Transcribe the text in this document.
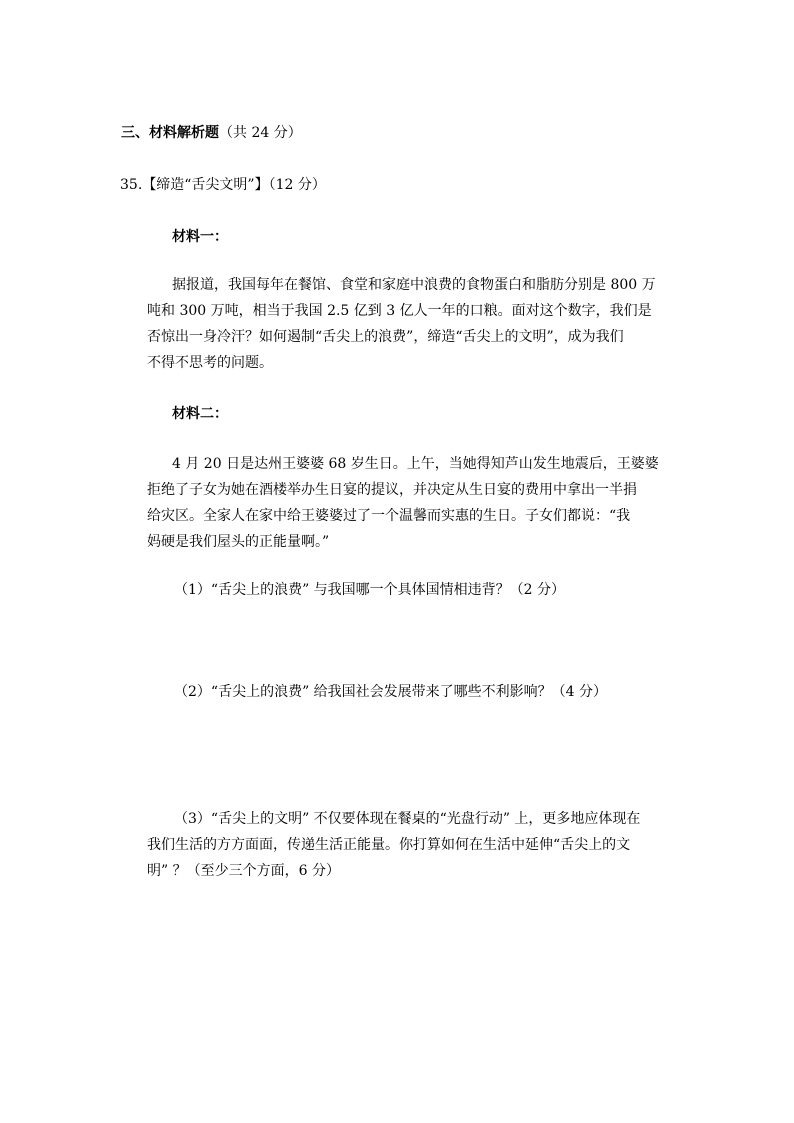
三、材料解析题（共 24 分）
35.【缔造“舌尖文明”】（12 分）
材料一：
据报道，我国每年在餐馆、食堂和家庭中浪费的食物蛋白和脂肪分别是 800 万
吨和 300 万吨，相当于我国 2.5 亿到 3 亿人一年的口粮。面对这个数字，我们是
否惊出一身冷汗？如何遏制“舌尖上的浪费”，缔造“舌尖上的文明”，成为我们
不得不思考的问题。
材料二：
4 月 20 日是达州王婆婆 68 岁生日。上午，当她得知芦山发生地震后，王婆婆
拒绝了子女为她在酒楼举办生日宴的提议，并决定从生日宴的费用中拿出一半捐
给灾区。全家人在家中给王婆婆过了一个温馨而实惠的生日。子女们都说：“我
妈硬是我们屋头的正能量啊。”
（1）“舌尖上的浪费” 与我国哪一个具体国情相违背？（2 分）
（2）“舌尖上的浪费” 给我国社会发展带来了哪些不利影响？（4 分）
（3）“舌尖上的文明” 不仅要体现在餐桌的“光盘行动” 上，更多地应体现在
我们生活的方方面面，传递生活正能量。你打算如何在生活中延伸“舌尖上的文
明” ？（至少三个方面，6 分）
